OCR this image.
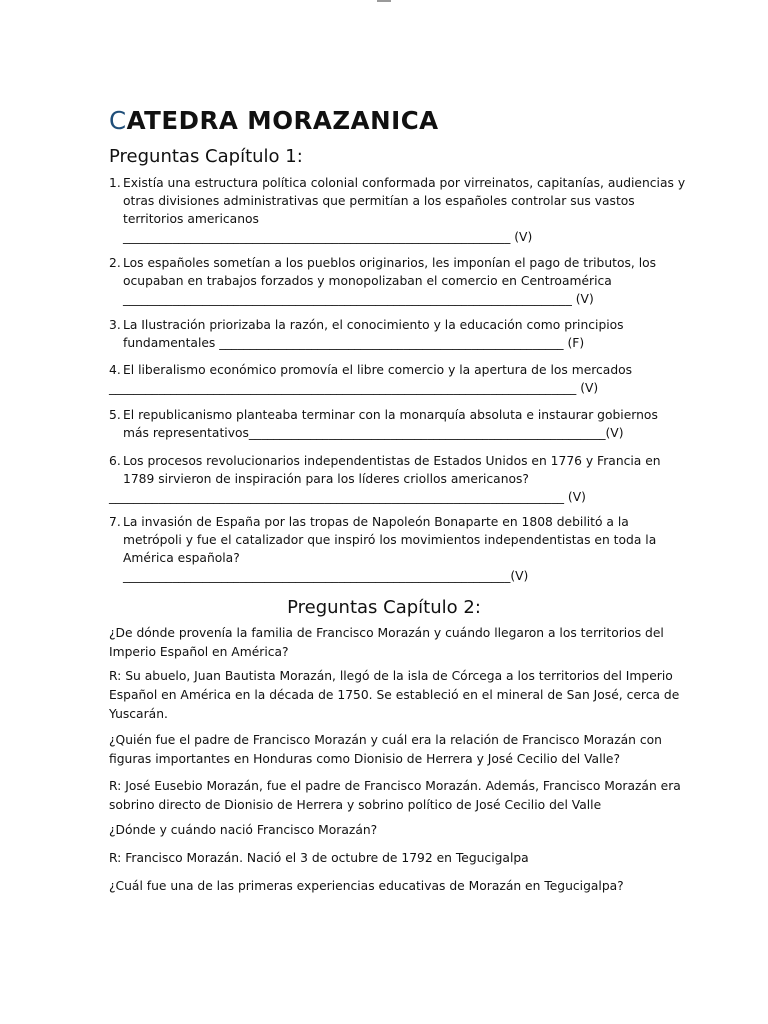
CATEDRA MORAZANICA
Preguntas Capítulo 1:
1. Existía una estructura política colonial conformada por virreinatos, capitanías, audiencias y
otras divisiones administrativas que permitían a los españoles controlar sus vastos
territorios americanos
_______________________________________________________________ (V)
2. Los españoles sometían a los pueblos originarios, les imponían el pago de tributos, los
ocupaban en trabajos forzados y monopolizaban el comercio en Centroamérica
_________________________________________________________________________ (V)
3. La Ilustración priorizaba la razón, el conocimiento y la educación como principios
fundamentales ________________________________________________________ (F)
4. El liberalismo económico promovía el libre comercio y la apertura de los mercados
____________________________________________________________________________ (V)
5. El republicanismo planteaba terminar con la monarquía absoluta e instaurar gobiernos
más representativos__________________________________________________________(V)
6. Los procesos revolucionarios independentistas de Estados Unidos en 1776 y Francia en
1789 sirvieron de inspiración para los líderes criollos americanos?
__________________________________________________________________________ (V)
7. La invasión de España por las tropas de Napoleón Bonaparte en 1808 debilitó a la
metrópoli y fue el catalizador que inspiró los movimientos independentistas en toda la
América española?
_______________________________________________________________(V)
Preguntas Capítulo 2:
¿De dónde provenía la familia de Francisco Morazán y cuándo llegaron a los territorios del
Imperio Español en América?
R: Su abuelo, Juan Bautista Morazán, llegó de la isla de Córcega a los territorios del Imperio
Español en América en la década de 1750. Se estableció en el mineral de San José, cerca de
Yuscarán.
¿Quién fue el padre de Francisco Morazán y cuál era la relación de Francisco Morazán con
figuras importantes en Honduras como Dionisio de Herrera y José Cecilio del Valle?
R: José Eusebio Morazán, fue el padre de Francisco Morazán. Además, Francisco Morazán era
sobrino directo de Dionisio de Herrera y sobrino político de José Cecilio del Valle
¿Dónde y cuándo nació Francisco Morazán?
R: Francisco Morazán. Nació el 3 de octubre de 1792 en Tegucigalpa
¿Cuál fue una de las primeras experiencias educativas de Morazán en Tegucigalpa?
